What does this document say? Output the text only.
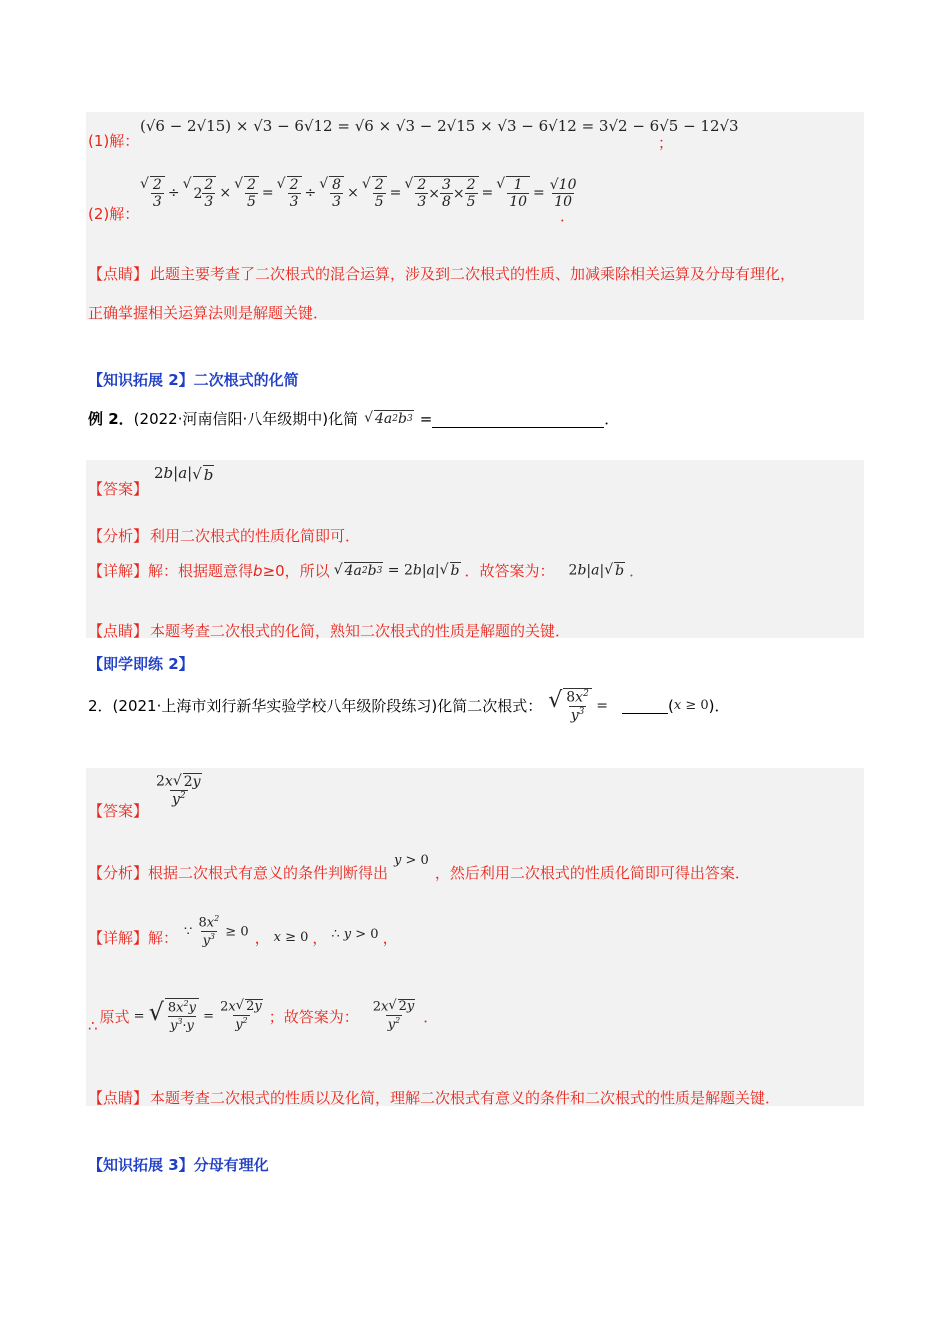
(1)解：
(√6 − 2√15) × √3 − 6√12 = √6 × √3 − 2√15 × √3 − 6√12 = 3√2 − 6√5 − 12√3
；
(2)解：
√ $\frac{2}{3}$ ÷
√
$2 \frac{2}{3}$ ×
√ $\frac{2}{5}$ =
√ $\frac{2}{3}$ ÷
√ $\frac{8}{3}$ ×
√ $\frac{2}{5}$ =
√ $\frac{2}{3} \times \frac{3}{8} \times \frac{2}{5}$ =
√ $\frac{1}{10} = \frac{√10}{10}$
．
【点睛】 此题主要考查了二次根式的混合运算，涉及到二次根式的性质、加减乘除相关运算及分母有理化，
正确掌握相关运算法则是解题关键．
【知识拓展 2】二次根式的化简
例 2． (2022·河南信阳·八年级期中)化简 √ 4a 2 b 3 =	．
【答案】
2b|a| √ b
【分析】 利用二次根式的性质化简即可．
【详解】 解：根据题意得 b ≥0，所以 √ 4a 2 b 3 = 2b|a| √ b ．故答案为： 2b|a| √ b ．
【点睛】 本题考查二次根式的化简，熟知二次根式的性质是解题的关键．
【即学即练 2】
2． (2021·上海市刘行新华实验学校八年级阶段练习)化简二次根式： √ $\frac{8x^2}{y^3}$ =	( x ≥ 0 )．
【答案】
$\frac{2x √ 2 y}{y^2}$
【分析】 根据二次根式有意义的条件判断得出
y > 0
，然后利用二次根式的性质化简即可得出答案．
【详解】 解： ∵ $\frac{8x^2}{y^3} \ge 0$ ， x ≥ 0 ， ∴ y > 0 ，
∴
原式 = √ $\frac{8x^2y}{y^3\cdot y} = \frac{2x √ 2 y}{y^2}$ ；故答案为： $\frac{2x √ 2 y}{y^2}$ ．
【点睛】 本题考查二次根式的性质以及化简，理解二次根式有意义的条件和二次根式的性质是解题关键．
【知识拓展 3】分母有理化
